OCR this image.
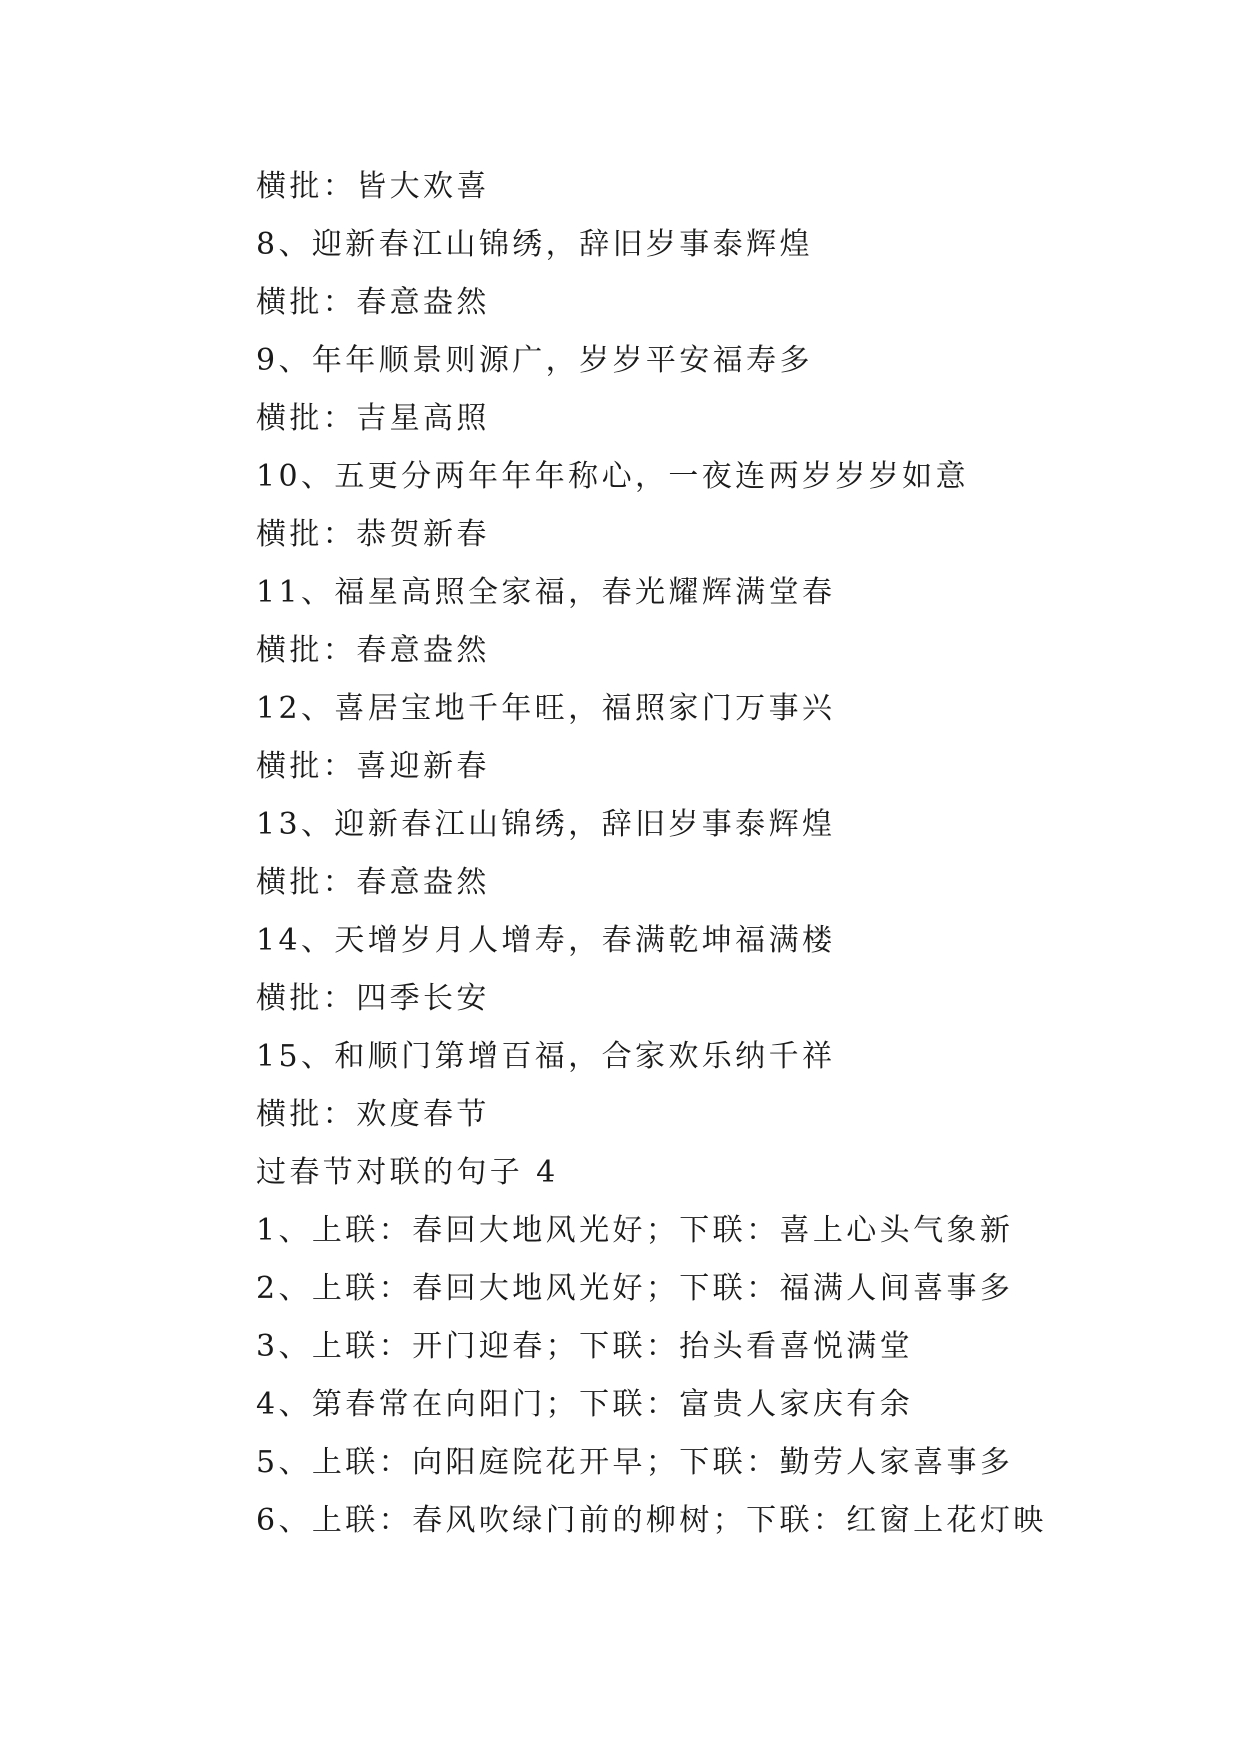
横批：皆大欢喜
8、迎新春江山锦绣，辞旧岁事泰辉煌
横批：春意盎然
9、年年顺景则源广，岁岁平安福寿多
横批：吉星高照
10、五更分两年年年称心，一夜连两岁岁岁如意
横批：恭贺新春
11、福星高照全家福，春光耀辉满堂春
横批：春意盎然
12、喜居宝地千年旺，福照家门万事兴
横批：喜迎新春
13、迎新春江山锦绣，辞旧岁事泰辉煌
横批：春意盎然
14、天增岁月人增寿，春满乾坤福满楼
横批：四季长安
15、和顺门第增百福，合家欢乐纳千祥
横批：欢度春节
过春节对联的句子 4
1、上联：春回大地风光好；下联：喜上心头气象新
2、上联：春回大地风光好；下联：福满人间喜事多
3、上联：开门迎春；下联：抬头看喜悦满堂
4、第春常在向阳门；下联：富贵人家庆有余
5、上联：向阳庭院花开早；下联：勤劳人家喜事多
6、上联：春风吹绿门前的柳树；下联：红窗上花灯映
